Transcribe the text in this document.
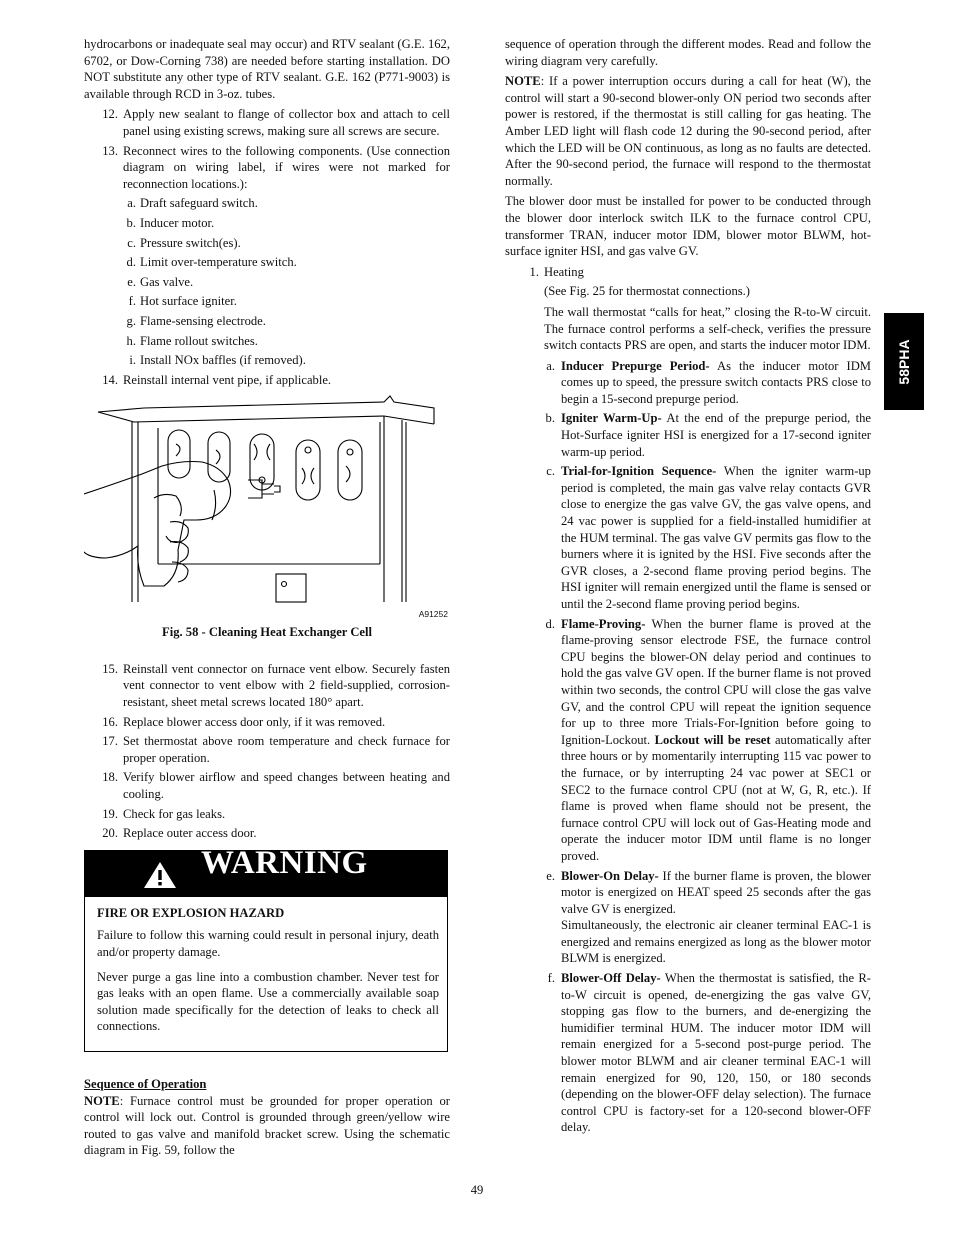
58PHA

hydrocarbons or inadequate seal may occur) and RTV sealant (G.E. 162, 6702, or Dow-Corning 738) are needed before starting installation. DO NOT substitute any other type of RTV sealant. G.E. 162 (P771-9003) is available through RCD in 3-oz. tubes.

12. Apply new sealant to flange of collector box and attach to cell panel using existing screws, making sure all screws are secure.
13. Reconnect wires to the following components. (Use connection diagram on wiring label, if wires were not marked for reconnection locations.):
a. Draft safeguard switch.
b. Inducer motor.
c. Pressure switch(es).
d. Limit over-temperature switch.
e. Gas valve.
f. Hot surface igniter.
g. Flame-sensing electrode.
h. Flame rollout switches.
i. Install NOx baffles (if removed).
14. Reinstall internal vent pipe, if applicable.
A91252
Fig. 58 - Cleaning Heat Exchanger Cell
15. Reinstall vent connector on furnace vent elbow. Securely fasten vent connector to vent elbow with 2 field-supplied, corrosion-resistant, sheet metal screws located 180° apart.
16. Replace blower access door only, if it was removed.
17. Set thermostat above room temperature and check furnace for proper operation.
18. Verify blower airflow and speed changes between heating and cooling.
19. Check for gas leaks.
20. Replace outer access door.
WARNING
FIRE OR EXPLOSION HAZARD

Failure to follow this warning could result in personal injury, death and/or property damage.

Never purge a gas line into a combustion chamber. Never test for gas leaks with an open flame. Use a commercially available soap solution made specifically for the detection of leaks to check all connections.

Sequence of Operation

NOTE: Furnace control must be grounded for proper operation or control will lock out. Control is grounded through green/yellow wire routed to gas valve and manifold bracket screw. Using the schematic diagram in Fig. 59, follow the

sequence of operation through the different modes. Read and follow the wiring diagram very carefully.

NOTE: If a power interruption occurs during a call for heat (W), the control will start a 90-second blower-only ON period two seconds after power is restored, if the thermostat is still calling for gas heating. The Amber LED light will flash code 12 during the 90-second period, after which the LED will be ON continuous, as long as no faults are detected. After the 90-second period, the furnace will respond to the thermostat normally.

The blower door must be installed for power to be conducted through the blower door interlock switch ILK to the furnace control CPU, transformer TRAN, inducer motor IDM, blower motor BLWM, hot-surface igniter HSI, and gas valve GV.

1. Heating

(See Fig. 25 for thermostat connections.)

The wall thermostat “calls for heat,” closing the R-to-W circuit. The furnace control performs a self-check, verifies the pressure switch contacts PRS are open, and starts the inducer motor IDM.

a. Inducer Prepurge Period- As the inducer motor IDM comes up to speed, the pressure switch contacts PRS close to begin a 15-second prepurge period.
b. Igniter Warm-Up- At the end of the prepurge period, the Hot-Surface igniter HSI is energized for a 17-second igniter warm-up period.
c. Trial-for-Ignition Sequence- When the igniter warm-up period is completed, the main gas valve relay contacts GVR close to energize the gas valve GV, the gas valve opens, and 24 vac power is supplied for a field-installed humidifier at the HUM terminal. The gas valve GV permits gas flow to the burners where it is ignited by the HSI. Five seconds after the GVR closes, a 2-second flame proving period begins. The HSI igniter will remain energized until the flame is sensed or until the 2-second flame proving period begins.
d. Flame-Proving- When the burner flame is proved at the flame-proving sensor electrode FSE, the furnace control CPU begins the blower-ON delay period and continues to hold the gas valve GV open. If the burner flame is not proved within two seconds, the control CPU will close the gas valve GV, and the control CPU will repeat the ignition sequence for up to three more Trials-For-Ignition before going to Ignition-Lockout. Lockout will be reset automatically after three hours or by momentarily interrupting 115 vac power to the furnace, or by interrupting 24 vac power at SEC1 or SEC2 to the furnace control CPU (not at W, G, R, etc.). If flame is proved when flame should not be present, the furnace control CPU will lock out of Gas-Heating mode and operate the inducer motor IDM until flame is no longer proved.
e. Blower-On Delay- If the burner flame is proven, the blower motor is energized on HEAT speed 25 seconds after the gas valve GV is energized.
Simultaneously, the electronic air cleaner terminal EAC-1 is energized and remains energized as long as the blower motor BLWM is energized.
f. Blower-Off Delay- When the thermostat is satisfied, the R-to-W circuit is opened, de-energizing the gas valve GV, stopping gas flow to the burners, and de-energizing the humidifier terminal HUM. The inducer motor IDM will remain energized for a 5-second post-purge period. The blower motor BLWM and air cleaner terminal EAC-1 will remain energized for 90, 120, 150, or 180 seconds (depending on the blower-OFF delay selection). The furnace control CPU is factory-set for a 120-second blower-OFF delay.
49
